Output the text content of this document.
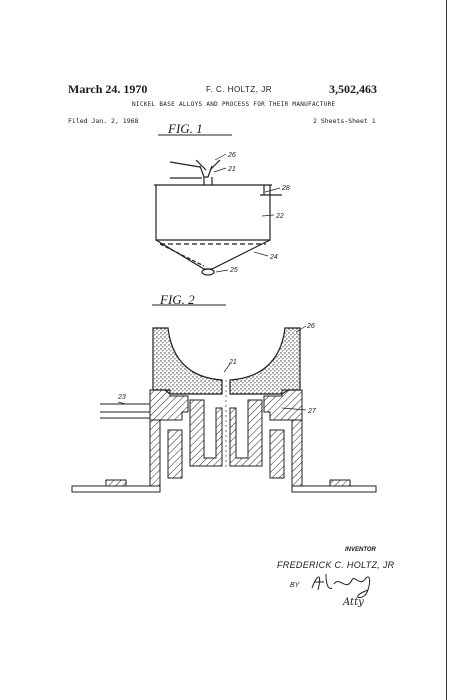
March 24. 1970	F. C. HOLTZ, JR	3,502,463
NICKEL BASE ALLOYS AND PROCESS FOR THEIR MANUFACTURE
Filed Jan. 2, 1968	2 Sheets-Sheet 1
26
21
28
22
24
25
26
21
23
27
FIG. 1
FIG. 2
INVENTOR
FREDERICK C. HOLTZ, JR
BY
Atty
